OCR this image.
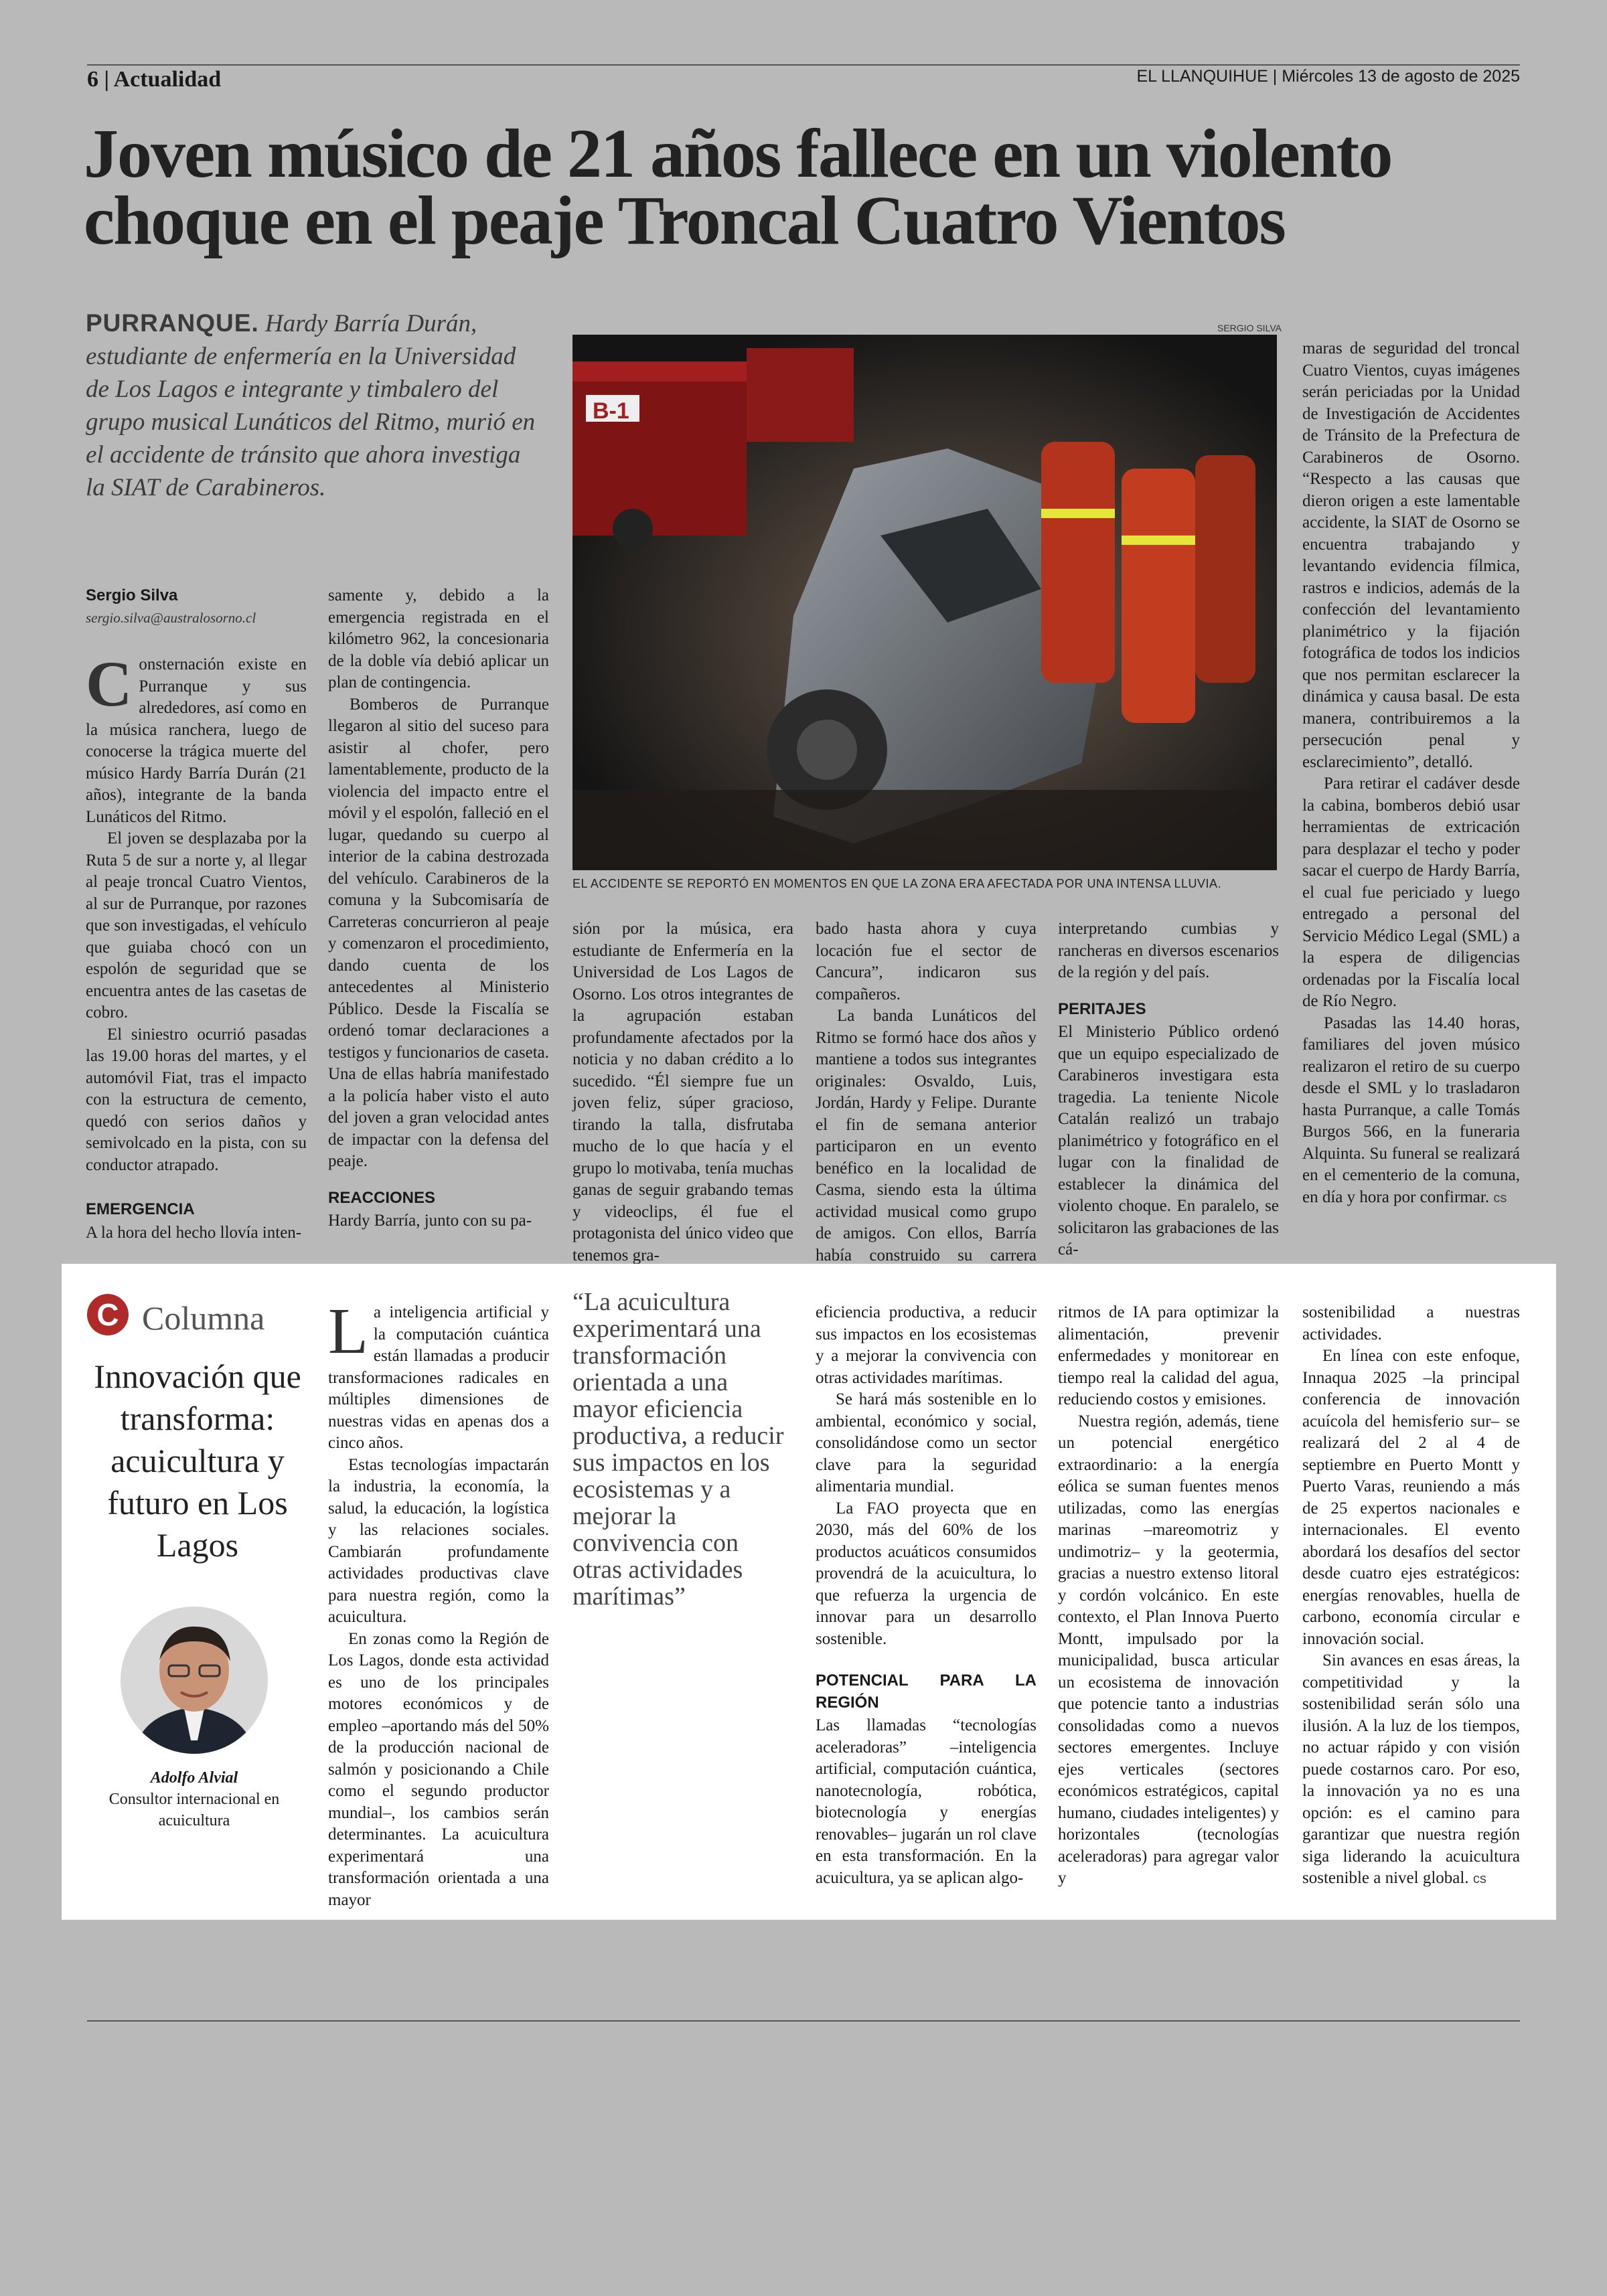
6 | Actualidad	EL LLANQUIHUE | Miércoles 13 de agosto de 2025
Joven músico de 21 años fallece en un violento choque en el peaje Troncal Cuatro Vientos
PURRANQUE. Hardy Barría Durán, estudiante de enfermería en la Universidad de Los Lagos e integrante y timbalero del grupo musical Lunáticos del Ritmo, murió en el accidente de tránsito que ahora investiga la SIAT de Carabineros.
Sergio Silva
sergio.silva@australosorno.cl

Consternación existe en Purranque y sus alrededores, así como en la música ranchera, luego de conocerse la trágica muerte del músico Hardy Barría Durán (21 años), integrante de la banda Lunáticos del Ritmo.

El joven se desplazaba por la Ruta 5 de sur a norte y, al llegar al peaje troncal Cuatro Vientos, al sur de Purranque, por razones que son investigadas, el vehículo que guiaba chocó con un espolón de seguridad que se encuentra antes de las casetas de cobro.

El siniestro ocurrió pasadas las 19.00 horas del martes, y el automóvil Fiat, tras el impacto con la estructura de cemento, quedó con serios daños y semivolcado en la pista, con su conductor atrapado.

EMERGENCIA

A la hora del hecho llovía inten-

samente y, debido a la emergencia registrada en el kilómetro 962, la concesionaria de la doble vía debió aplicar un plan de contingencia.

Bomberos de Purranque llegaron al sitio del suceso para asistir al chofer, pero lamentablemente, producto de la violencia del impacto entre el móvil y el espolón, falleció en el lugar, quedando su cuerpo al interior de la cabina destrozada del vehículo. Carabineros de la comuna y la Subcomisaría de Carreteras concurrieron al peaje y comenzaron el procedimiento, dando cuenta de los antecedentes al Ministerio Público. Desde la Fiscalía se ordenó tomar declaraciones a testigos y funcionarios de caseta. Una de ellas habría manifestado a la policía haber visto el auto del joven a gran velocidad antes de impactar con la defensa del peaje.

REACCIONES

Hardy Barría, junto con su pa-

SERGIO SILVA
B-1
EL ACCIDENTE SE REPORTÓ EN MOMENTOS EN QUE LA ZONA ERA AFECTADA POR UNA INTENSA LLUVIA.

sión por la música, era estudiante de Enfermería en la Universidad de Los Lagos de Osorno. Los otros integrantes de la agrupación estaban profundamente afectados por la noticia y no daban crédito a lo sucedido. “Él siempre fue un joven feliz, súper gracioso, tirando la talla, disfrutaba mucho de lo que hacía y el grupo lo motivaba, tenía muchas ganas de seguir grabando temas y videoclips, él fue el protagonista del único video que tenemos gra-

bado hasta ahora y cuya locación fue el sector de Cancura”, indicaron sus compañeros.

La banda Lunáticos del Ritmo se formó hace dos años y mantiene a todos sus integrantes originales: Osvaldo, Luis, Jordán, Hardy y Felipe. Durante el fin de semana anterior participaron en un evento benéfico en la localidad de Casma, siendo esta la última actividad musical como grupo de amigos. Con ellos, Barría había construido su carrera

interpretando cumbias y rancheras en diversos escenarios de la región y del país.

PERITAJES

El Ministerio Público ordenó que un equipo especializado de Carabineros investigara esta tragedia. La teniente Nicole Catalán realizó un trabajo planimétrico y fotográfico en el lugar con la finalidad de establecer la dinámica del violento choque. En paralelo, se solicitaron las grabaciones de las cá-

maras de seguridad del troncal Cuatro Vientos, cuyas imágenes serán periciadas por la Unidad de Investigación de Accidentes de Tránsito de la Prefectura de Carabineros de Osorno. “Respecto a las causas que dieron origen a este lamentable accidente, la SIAT de Osorno se encuentra trabajando y levantando evidencia fílmica, rastros e indicios, además de la confección del levantamiento planimétrico y la fijación fotográfica de todos los indicios que nos permitan esclarecer la dinámica y causa basal. De esta manera, contribuiremos a la persecución penal y esclarecimiento”, detalló.

Para retirar el cadáver desde la cabina, bomberos debió usar herramientas de extricación para desplazar el techo y poder sacar el cuerpo de Hardy Barría, el cual fue periciado y luego entregado a personal del Servicio Médico Legal (SML) a la espera de diligencias ordenadas por la Fiscalía local de Río Negro.

Pasadas las 14.40 horas, familiares del joven músico realizaron el retiro de su cuerpo desde el SML y lo trasladaron hasta Purranque, a calle Tomás Burgos 566, en la funeraria Alquinta. Su funeral se realizará en el cementerio de la comuna, en día y hora por confirmar. cs

C Columna
Innovación que transforma: acuicultura y futuro en Los Lagos
Adolfo Alvial
Consultor internacional en acuicultura

La inteligencia artificial y la computación cuántica están llamadas a producir transformaciones radicales en múltiples dimensiones de nuestras vidas en apenas dos a cinco años.

Estas tecnologías impactarán la industria, la economía, la salud, la educación, la logística y las relaciones sociales. Cambiarán profundamente actividades productivas clave para nuestra región, como la acuicultura.

En zonas como la Región de Los Lagos, donde esta actividad es uno de los principales motores económicos y de empleo –aportando más del 50% de la producción nacional de salmón y posicionando a Chile como el segundo productor mundial–, los cambios serán determinantes. La acuicultura experimentará una transformación orientada a una mayor

“La acuicultura experimentará una transformación orientada a una mayor eficiencia productiva, a reducir sus impactos en los ecosistemas y a mejorar la convivencia con otras actividades marítimas”

eficiencia productiva, a reducir sus impactos en los ecosistemas y a mejorar la convivencia con otras actividades marítimas.

Se hará más sostenible en lo ambiental, económico y social, consolidándose como un sector clave para la seguridad alimentaria mundial.

La FAO proyecta que en 2030, más del 60% de los productos acuáticos consumidos provendrá de la acuicultura, lo que refuerza la urgencia de innovar para un desarrollo sostenible.

POTENCIAL PARA LA REGIÓN

Las llamadas “tecnologías aceleradoras” –inteligencia artificial, computación cuántica, nanotecnología, robótica, biotecnología y energías renovables– jugarán un rol clave en esta transformación. En la acuicultura, ya se aplican algo-

ritmos de IA para optimizar la alimentación, prevenir enfermedades y monitorear en tiempo real la calidad del agua, reduciendo costos y emisiones.

Nuestra región, además, tiene un potencial energético extraordinario: a la energía eólica se suman fuentes menos utilizadas, como las energías marinas –mareomotriz y undimotriz– y la geotermia, gracias a nuestro extenso litoral y cordón volcánico. En este contexto, el Plan Innova Puerto Montt, impulsado por la municipalidad, busca articular un ecosistema de innovación que potencie tanto a industrias consolidadas como a nuevos sectores emergentes. Incluye ejes verticales (sectores económicos estratégicos, capital humano, ciudades inteligentes) y horizontales (tecnologías aceleradoras) para agregar valor y

sostenibilidad a nuestras actividades.

En línea con este enfoque, Innaqua 2025 –la principal conferencia de innovación acuícola del hemisferio sur– se realizará del 2 al 4 de septiembre en Puerto Montt y Puerto Varas, reuniendo a más de 25 expertos nacionales e internacionales. El evento abordará los desafíos del sector desde cuatro ejes estratégicos: energías renovables, huella de carbono, economía circular e innovación social.

Sin avances en esas áreas, la competitividad y la sostenibilidad serán sólo una ilusión. A la luz de los tiempos, no actuar rápido y con visión puede costarnos caro. Por eso, la innovación ya no es una opción: es el camino para garantizar que nuestra región siga liderando la acuicultura sostenible a nivel global. cs
